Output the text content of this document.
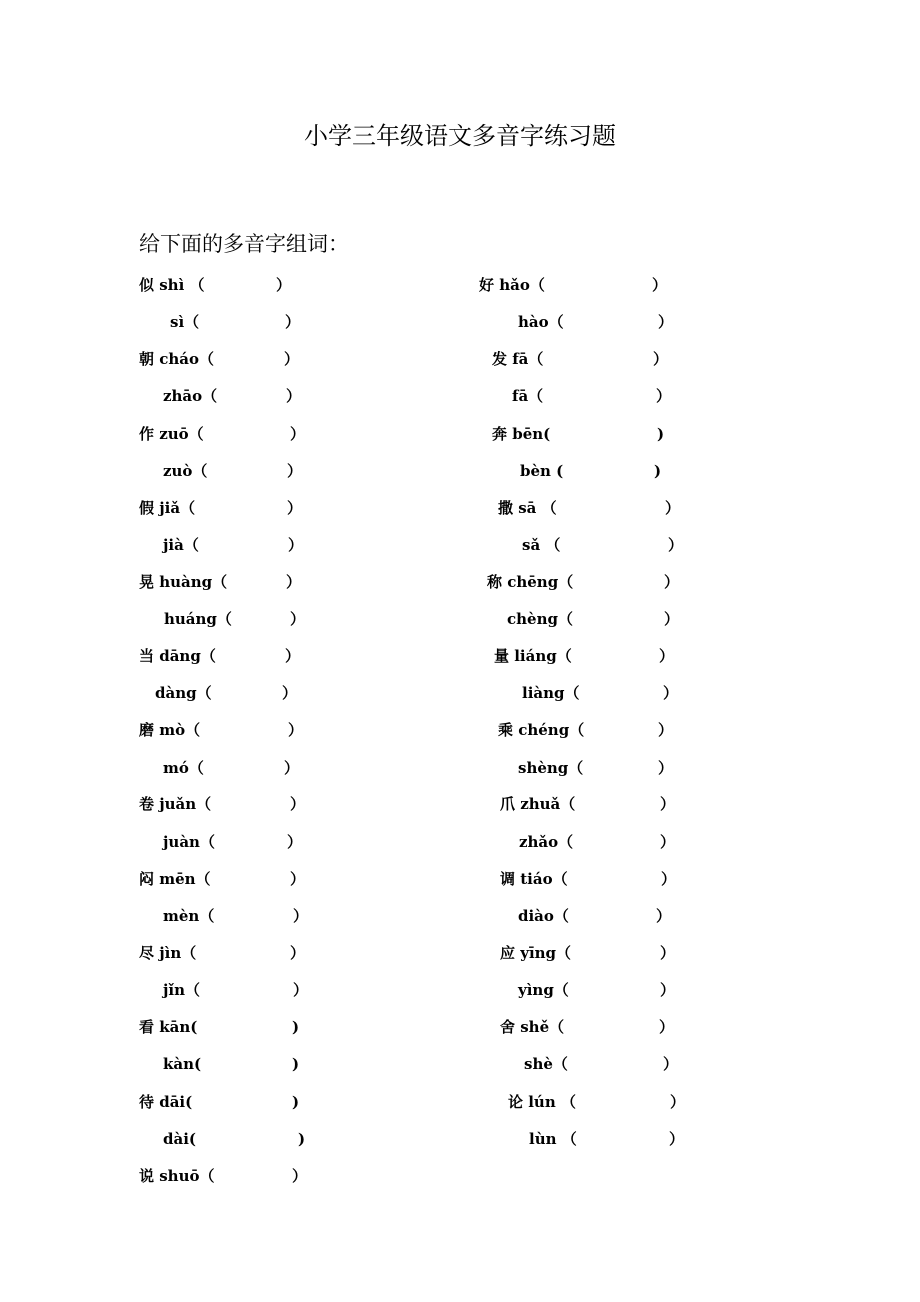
小学三年级语文多音字练习题
给下面的多音字组词：
似 shì （	）
sì（	）
朝 cháo（	）
zhāo（	）
作 zuō（	）
zuò（	）
假 jiǎ（	）
jià（	）
晃 huàng（	）
huáng（	）
当 dāng（	）
dàng（	）
磨 mò（	）
mó（	）
卷 juǎn（	）
juàn（	）
闷 mēn（	）
mèn（	）
尽 jìn（	）
jǐn（	）
看 kān(	)
kàn(	)
待 dāi(	)
dài(	)
说 shuō（	）
好 hǎo（	）
hào（	）
发 fā（	）
fā（	）
奔 bēn(	)
bèn (	)
撒 sā （	）
sǎ （	）
称 chēng（	）
chèng（	）
量 liáng（	）
liàng（	）
乘 chéng（	）
shèng（	）
爪 zhuǎ（	）
zhǎo（	）
调 tiáo（	）
diào（	）
应 yīng（	）
yìng（	）
舍 shě（	）
shè（	）
论 lún （	）
lùn （	）
